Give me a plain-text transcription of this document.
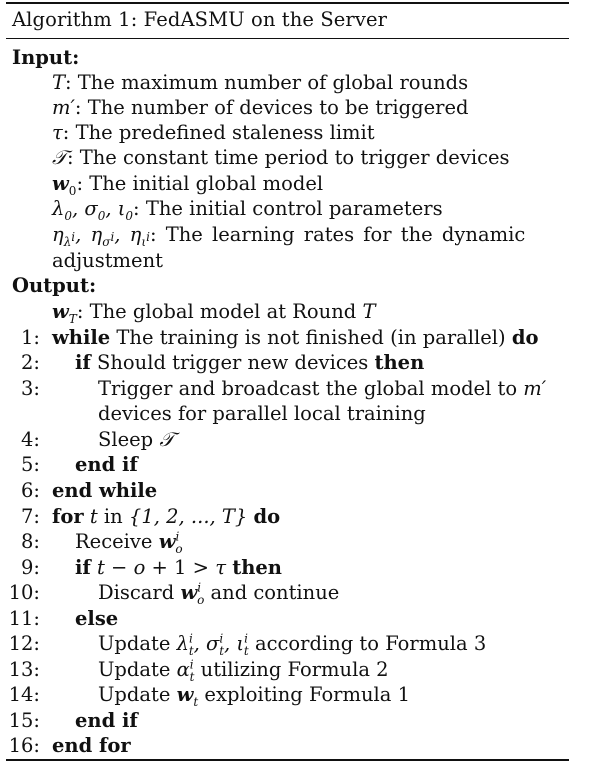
Algorithm 1: FedASMU on the Server
Input:
T: The maximum number of global rounds
m′: The number of devices to be triggered
τ: The predefined staleness limit
𝒯: The constant time period to trigger devices
$w_0$: The initial global model
$\lambda_0$, $\sigma_0$, $\iota_0$: The initial control parameters
$\eta_{\lambda^i}$, $\eta_{\sigma^i}$, $\eta_{\iota^i}$: The learning rates for the dynamic
adjustment
Output:
$w_T$: The global model at Round T
1: while The training is not finished (in parallel) do
2: if Should trigger new devices then
3:	Trigger and broadcast the global model to m′
devices for parallel local training
4:	Sleep 𝒯
5: end if
6: end while
7: for t in {1, 2, ..., T} do
8: Receive $w^i_o$
9: if t − o + 1 > τ then
10:	Discard $w^i_o$ and continue
11: else
12:	Update $\lambda^i_t$, $\sigma^i_t$, $\iota^i_t$ according to Formula 3
13:	Update $\alpha^i_t$ utilizing Formula 2
14:	Update $w_t$ exploiting Formula 1
15: end if
16: end for
